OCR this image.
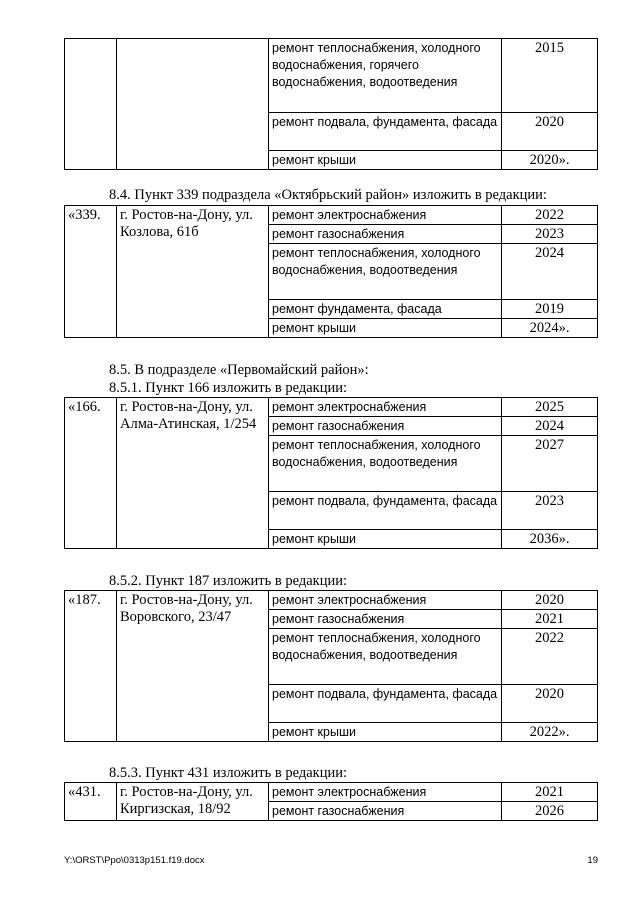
		ремонт теплоснабжения, холодного водоснабжения, горячего водоснабжения, водоотведения	2015
		ремонт подвала, фундамента, фасада	2020
		ремонт крыши	2020».
8.4. Пункт 339 подраздела «Октябрьский район» изложить в редакции:
«339.	г. Ростов-на-Дону, ул. Козлова, 61б	ремонт электроснабжения	2022
		ремонт газоснабжения	2023
		ремонт теплоснабжения, холодного водоснабжения, водоотведения	2024
		ремонт фундамента, фасада	2019
		ремонт крыши	2024».
8.5. В подразделе «Первомайский район»:
8.5.1. Пункт 166 изложить в редакции:
«166.	г. Ростов-на-Дону, ул. Алма-Атинская, 1/254	ремонт электроснабжения	2025
		ремонт газоснабжения	2024
		ремонт теплоснабжения, холодного водоснабжения, водоотведения	2027
		ремонт подвала, фундамента, фасада	2023
		ремонт крыши	2036».
8.5.2. Пункт 187 изложить в редакции:
«187.	г. Ростов-на-Дону, ул. Воровского, 23/47	ремонт электроснабжения	2020
		ремонт газоснабжения	2021
		ремонт теплоснабжения, холодного водоснабжения, водоотведения	2022
		ремонт подвала, фундамента, фасада	2020
		ремонт крыши	2022».
8.5.3. Пункт 431 изложить в редакции:
«431.	г. Ростов-на-Дону, ул. Киргизская, 18/92	ремонт электроснабжения	2021
		ремонт газоснабжения	2026
Y:\ORST\Ppo\0313p151.f19.docx	19
